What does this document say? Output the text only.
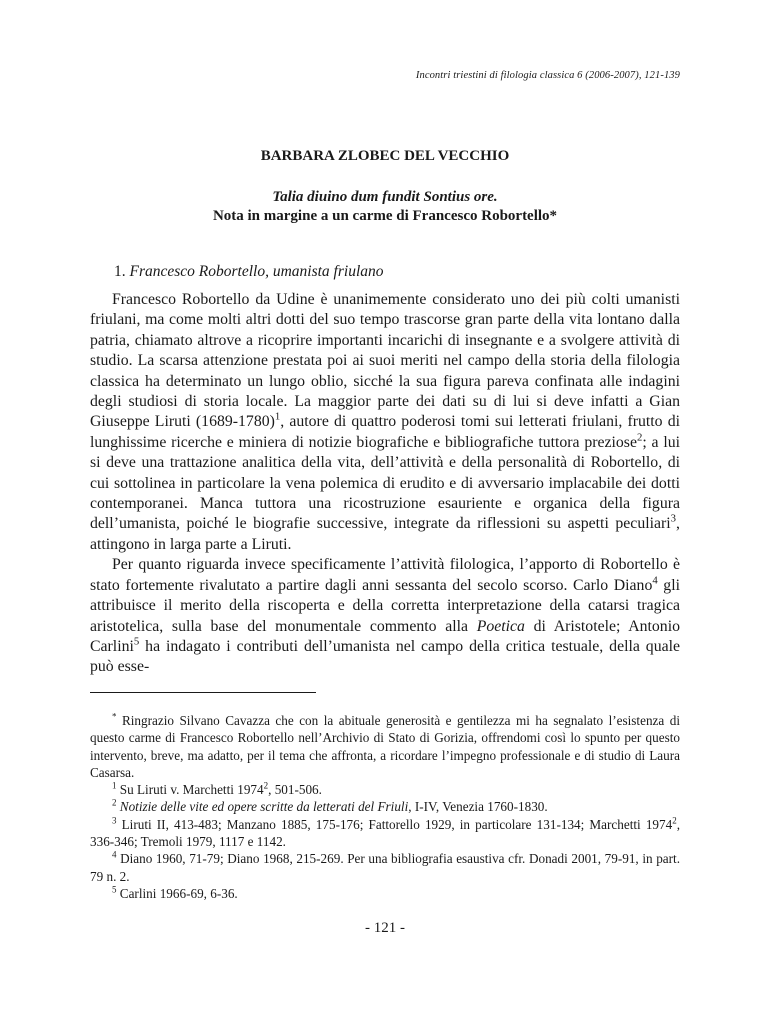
Incontri triestini di filologia classica 6 (2006-2007), 121-139
BARBARA ZLOBEC DEL VECCHIO
Talia diuino dum fundit Sontius ore.
Nota in margine a un carme di Francesco Robortello*
1. Francesco Robortello, umanista friulano

Francesco Robortello da Udine è unanimemente considerato uno dei più colti umanisti friulani, ma come molti altri dotti del suo tempo trascorse gran parte della vita lontano dalla patria, chiamato altrove a ricoprire importanti incarichi di insegnante e a svolgere attività di studio. La scarsa attenzione prestata poi ai suoi meriti nel campo della storia della filologia classica ha determinato un lungo oblio, sicché la sua figura pareva confinata alle indagini degli studiosi di storia locale. La maggior parte dei dati su di lui si deve infatti a Gian Giuseppe Liruti (1689-1780)$^1$, autore di quattro poderosi tomi sui letterati friulani, frutto di lunghissime ricerche e miniera di notizie biografiche e bibliografiche tuttora preziose$^2$; a lui si deve una trattazione analitica della vita, dell’attività e della personalità di Robortello, di cui sottolinea in particolare la vena polemica di erudito e di avversario implacabile dei dotti contemporanei. Manca tuttora una ricostruzione esauriente e organica della figura dell’umanista, poiché le biografie successive, integrate da riflessioni su aspetti peculiari$^3$, attingono in larga parte a Liruti.

Per quanto riguarda invece specificamente l’attività filologica, l’apporto di Robortello è stato fortemente rivalutato a partire dagli anni sessanta del secolo scorso. Carlo Diano$^4$ gli attribuisce il merito della riscoperta e della corretta interpretazione della catarsi tragica aristotelica, sulla base del monumentale commento alla Poetica di Aristotele; Antonio Carlini$^5$ ha indagato i contributi dell’umanista nel campo della critica testuale, della quale può esse-

* Ringrazio Silvano Cavazza che con la abituale generosità e gentilezza mi ha segnalato l’esistenza di questo carme di Francesco Robortello nell’Archivio di Stato di Gorizia, offrendomi così lo spunto per questo intervento, breve, ma adatto, per il tema che affronta, a ricordare l’impegno professionale e di studio di Laura Casarsa.

$^1$ Su Liruti v. Marchetti 1974$^2$, 501-506.

$^2$ Notizie delle vite ed opere scritte da letterati del Friuli, I-IV, Venezia 1760-1830.

$^3$ Liruti II, 413-483; Manzano 1885, 175-176; Fattorello 1929, in particolare 131-134; Marchetti 1974$^2$, 336-346; Tremoli 1979, 1117 e 1142.

$^4$ Diano 1960, 71-79; Diano 1968, 215-269. Per una bibliografia esaustiva cfr. Donadi 2001, 79-91, in part. 79 n. 2.

$^5$ Carlini 1966-69, 6-36.

- 121 -
